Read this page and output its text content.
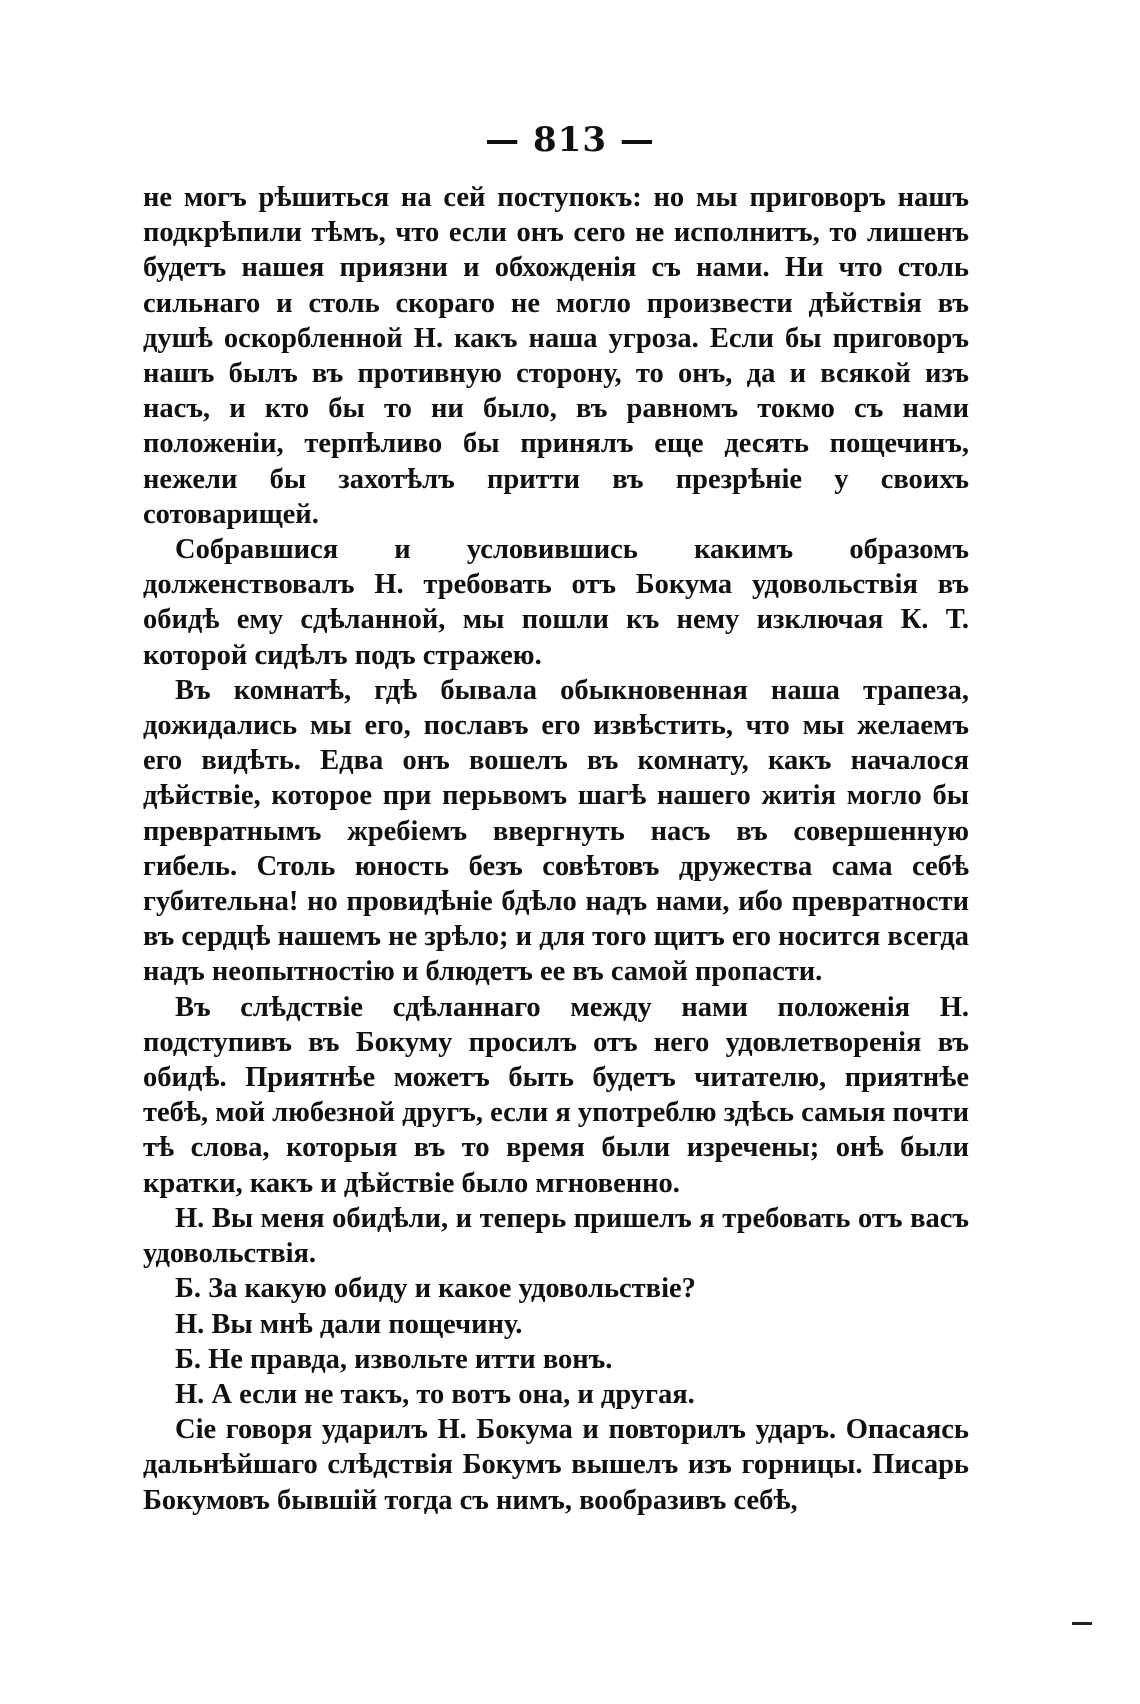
— 813 —

не могъ рѣшиться на сей поступокъ: но мы приговоръ нашъ подкрѣпили тѣмъ, что если онъ сего не исполнитъ, то лишенъ будетъ нашея приязни и обхожденія съ нами. Ни что столь сильнаго и столь скораго не могло произвести дѣйствія въ душѣ оскорбленной Н. какъ наша угроза. Если бы приговоръ нашъ былъ въ противную сторону, то онъ, да и всякой изъ насъ, и кто бы то ни было, въ равномъ токмо съ нами положеніи, терпѣливо бы принялъ еще десять пощечинъ, нежели бы захотѣлъ притти въ презрѣніе у своихъ сотоварищей.

Собравшися и условившись какимъ образомъ долженствовалъ Н. требовать отъ Бокума удовольствія въ обидѣ ему сдѣланной, мы пошли къ нему изключая К. Т. которой сидѣлъ подъ стражею.

Въ комнатѣ, гдѣ бывала обыкновенная наша трапеза, дожидались мы его, пославъ его извѣстить, что мы желаемъ его видѣть. Едва онъ вошелъ въ комнату, какъ началося дѣйствіе, которое при перьвомъ шагѣ нашего житія могло бы превратнымъ жребіемъ ввергнуть насъ въ совершенную гибель. Столь юность безъ совѣтовъ дружества сама себѣ губительна! но провидѣніе бдѣло надъ нами, ибо превратности въ сердцѣ нашемъ не зрѣло; и для того щитъ его носится всегда надъ неопытностію и блюдетъ ее въ самой пропасти.

Въ слѣдствіе сдѣланнаго между нами положенія Н. подступивъ въ Бокуму просилъ отъ него удовлетворенія въ обидѣ. Приятнѣе можетъ быть будетъ читателю, приятнѣе тебѣ, мой любезной другъ, если я употреблю здѣсь самыя почти тѣ слова, которыя въ то время были изречены; онѣ были кратки, какъ и дѣйствіе было мгновенно.

Н. Вы меня обидѣли, и теперь пришелъ я требовать отъ васъ удовольствія.

Б. За какую обиду и какое удовольствіе?

Н. Вы мнѣ дали пощечину.

Б. Не правда, извольте итти вонъ.

Н. А если не такъ, то вотъ она, и другая.

Сіе говоря ударилъ Н. Бокума и повторилъ ударъ. Опасаясь дальнѣйшаго слѣдствія Бокумъ вышелъ изъ горницы. Писарь Бокумовъ бывшій тогда съ нимъ, вообразивъ себѣ,
